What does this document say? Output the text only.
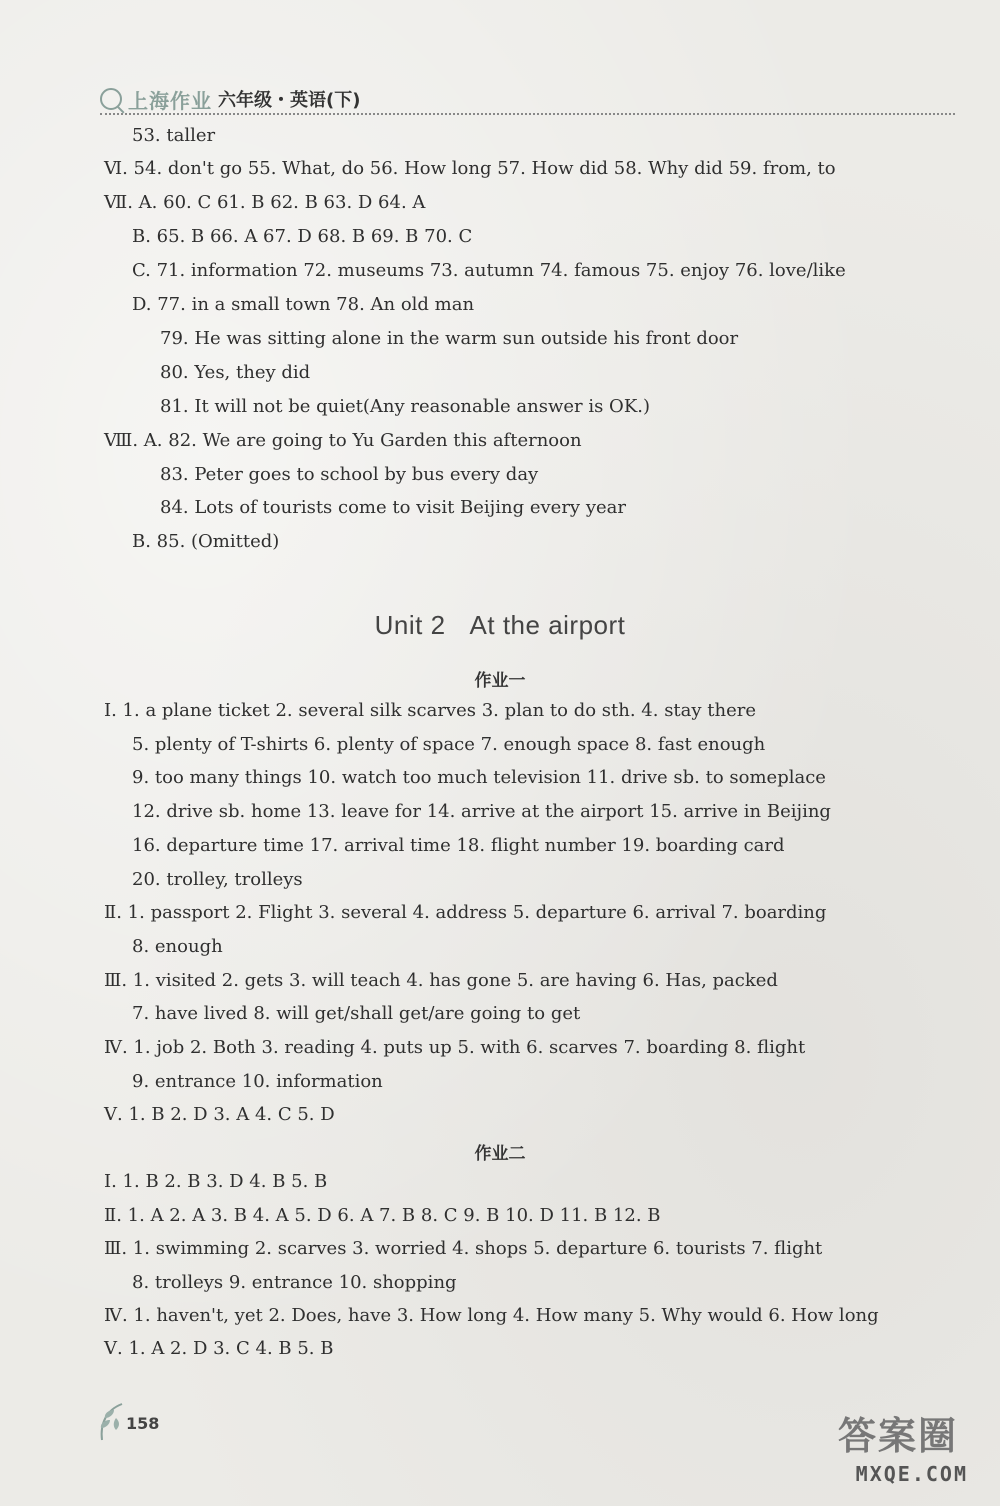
上海作业 六年级・英语(下)
53. taller
Ⅵ. 54. don't go 55. What, do 56. How long 57. How did 58. Why did 59. from, to
Ⅶ. A. 60. C 61. B 62. B 63. D 64. A
B. 65. B 66. A 67. D 68. B 69. B 70. C
C. 71. information 72. museums 73. autumn 74. famous 75. enjoy 76. love/like
D. 77. in a small town 78. An old man
79. He was sitting alone in the warm sun outside his front door
80. Yes, they did
81. It will not be quiet(Any reasonable answer is OK.)
Ⅷ. A. 82. We are going to Yu Garden this afternoon
83. Peter goes to school by bus every day
84. Lots of tourists come to visit Beijing every year
B. 85. (Omitted)
Unit 2 At the airport
作业一
Ⅰ. 1. a plane ticket 2. several silk scarves 3. plan to do sth. 4. stay there
5. plenty of T-shirts 6. plenty of space 7. enough space 8. fast enough
9. too many things 10. watch too much television 11. drive sb. to someplace
12. drive sb. home 13. leave for 14. arrive at the airport 15. arrive in Beijing
16. departure time 17. arrival time 18. flight number 19. boarding card
20. trolley, trolleys
Ⅱ. 1. passport 2. Flight 3. several 4. address 5. departure 6. arrival 7. boarding
8. enough
Ⅲ. 1. visited 2. gets 3. will teach 4. has gone 5. are having 6. Has, packed
7. have lived 8. will get/shall get/are going to get
Ⅳ. 1. job 2. Both 3. reading 4. puts up 5. with 6. scarves 7. boarding 8. flight
9. entrance 10. information
Ⅴ. 1. B 2. D 3. A 4. C 5. D
作业二
Ⅰ. 1. B 2. B 3. D 4. B 5. B
Ⅱ. 1. A 2. A 3. B 4. A 5. D 6. A 7. B 8. C 9. B 10. D 11. B 12. B
Ⅲ. 1. swimming 2. scarves 3. worried 4. shops 5. departure 6. tourists 7. flight
8. trolleys 9. entrance 10. shopping
Ⅳ. 1. haven't, yet 2. Does, have 3. How long 4. How many 5. Why would 6. How long
Ⅴ. 1. A 2. D 3. C 4. B 5. B
158	答案圈
MXQE.COM
